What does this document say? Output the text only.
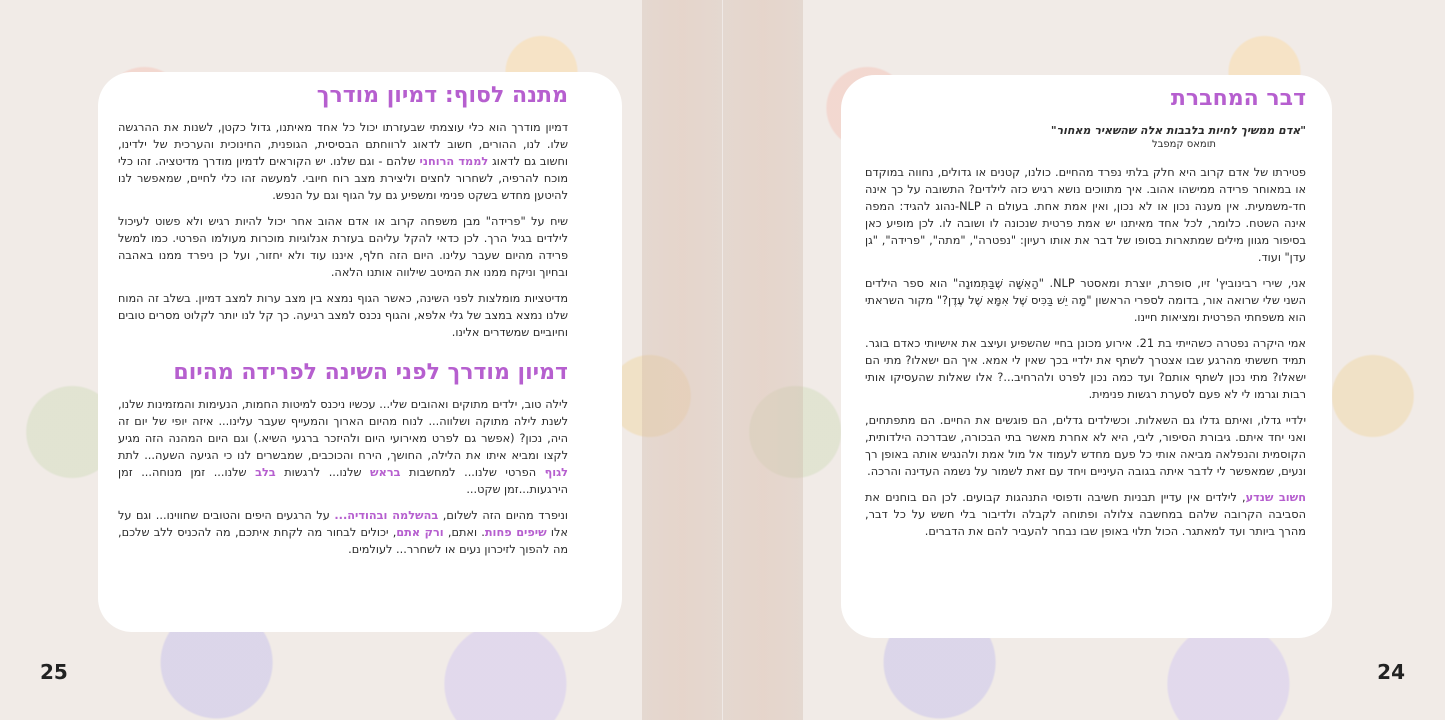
מתנה לסוף: דמיון מודרך

דמיון מודרך הוא כלי עוצמתי שבעזרתו יכול כל אחד מאיתנו, גדול כקטן, לשנות את ההרגשה שלו. לנו, ההורים, חשוב לדאוג לרווחתם הבסיסית, הגופנית, החינוכית והערכית של ילדינו, וחשוב גם לדאוג לממד הרוחני שלהם - וגם שלנו. יש הקוראים לדמיון מודרך מדיטציה. זהו כלי מוכח להרפיה, לשחרור לחצים וליצירת מצב רוח חיובי. למעשה זהו כלי לחיים, שמאפשר לנו להיטען מחדש בשקט פנימי ומשפיע גם על הגוף וגם על הנפש.

שיח על "פרידה" מבן משפחה קרוב או אדם אהוב אחר יכול להיות רגיש ולא פשוט לעיכול לילדים בגיל הרך. לכן כדאי להקל עליהם בעזרת אנלוגיות מוכרות מעולמו הפרטי. כמו למשל פרידה מהיום שעבר עלינו. היום הזה חלף, איננו עוד ולא יחזור, ועל כן ניפרד ממנו באהבה ובחיוך וניקח ממנו את המיטב שילווה אותנו הלאה.

מדיטציות מומלצות לפני השינה, כאשר הגוף נמצא בין מצב ערות למצב דמיון. בשלב זה המוח שלנו נמצא במצב של גלי אלפא, והגוף נכנס למצב רגיעה. כך קל לנו יותר לקלוט מסרים טובים וחיוביים שמשדרים אלינו.

דמיון מודרך לפני השינה לפרידה מהיום

לילה טוב, ילדים מתוקים ואהובים שלי... עכשיו ניכנס למיטות החמות, הנעימות והמזמינות שלנו, לשנת לילה מתוקה ושלווה... לנוח מהיום הארוך והמעייף שעבר עלינו... איזה יופי של יום זה היה, נכון? (אפשר גם לפרט מאירועי היום ולהיזכר ברגעי השיא.) וגם היום המהנה הזה מגיע לקצו ומביא איתו את הלילה, החושך, הירח והכוכבים, שמבשרים לנו כי הגיעה השעה... לתת לגוף הפרטי שלנו... למחשבות בראש שלנו... לרגשות בלב שלנו... זמן מנוחה... זמן הירגעות...זמן שקט...

וניפרד מהיום הזה לשלום, בהשלמה ובהודיה... על הרגעים היפים והטובים שחווינו... וגם על אלו שיפים פחות. ואתם, ורק אתם, יכולים לבחור מה לקחת איתכם, מה להכניס ללב שלכם, מה להפוך לזיכרון נעים או לשחרר... לעולמים.

25
דבר המחברת

"אדם ממשיך לחיות בלבבות אלה שהשאיר מאחור"

תומאס קמפבל

פטירתו של אדם קרוב היא חלק בלתי נפרד מהחיים. כולנו, קטנים או גדולים, נחווה במוקדם או במאוחר פרידה ממישהו אהוב. איך מתווכים נושא רגיש כזה לילדים? התשובה על כך אינה חד-משמעית. אין מענה נכון או לא נכון, ואין אמת אחת. בעולם ה NLP-נהוג להגיד: המפה אינה השטח. כלומר, לכל אחד מאיתנו יש אמת פרטית שנכונה לו ושובה לו. לכן מופיע כאן בסיפור מגוון מילים שמתארות בסופו של דבר את אותו רעיון: "נפטרה", "מתה", "פרידה", "גן עדן" ועוד.

אני, שירי רבינוביץ' זיו, סופרת, יוצרת ומאסטר NLP. "הָאִשָּׁה שֶׁבַּתְּמוּנָה" הוא ספר הילדים השני שלי שרואה אור, בדומה לספרי הראשון "מָה יֵשׁ בַּכִּיס שֶׁל אִמָּא שֶׁל עֶדֶן?" מקור השראתי הוא משפחתי הפרטית ומציאות חיינו.

אמי היקרה נפטרה כשהייתי בת 21. אירוע מכונן בחיי שהשפיע ועיצב את אישיותי כאדם בוגר. תמיד חששתי מהרגע שבו אצטרך לשתף את ילדיי בכך שאין לי אמא. איך הם ישאלו? מתי הם ישאלו? מתי נכון לשתף אותם? ועד כמה נכון לפרט ולהרחיב...? אלו שאלות שהעסיקו אותי רבות וגרמו לי לא פעם לסערת רגשות פנימית.

ילדיי גדלו, ואיתם גדלו גם השאלות. וכשילדים גדלים, הם פוגשים את החיים. הם מתפתחים, ואני יחד איתם. גיבורת הסיפור, ליבי, היא לא אחרת מאשר בתי הבכורה, שבדרכה הילדותית, הקוסמית והנפלאה מביאה אותי כל פעם מחדש לעמוד אל מול אמת ולהנגיש אותה באופן רך ונעים, שמאפשר לי לדבר איתה בגובה העיניים ויחד עם זאת לשמור על נשמה העדינה והרכה.

חשוב שנדע, לילדים אין עדיין תבניות חשיבה ודפוסי התנהגות קבועים. לכן הם בוחנים את הסביבה הקרובה שלהם במחשבה צלולה ופתוחה לקבלה ולדיבור בלי חשש על כל דבר, מהרך ביותר ועד למאתגר. הכול תלוי באופן שבו נבחר להעביר להם את הדברים.

24
